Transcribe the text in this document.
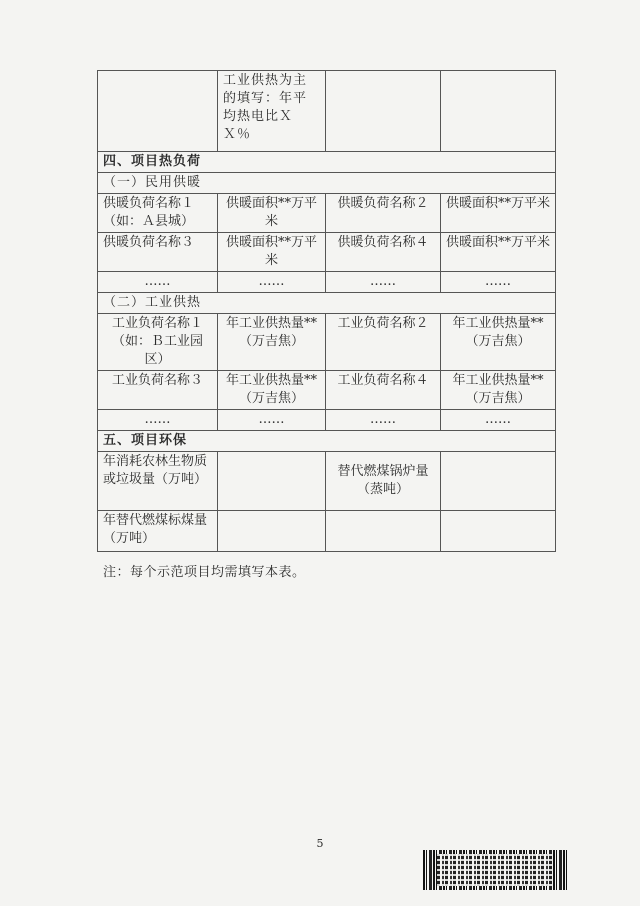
	工业供热为主的填写：年平均热电比ＸＸ％		
四、项目热负荷			
（一）民用供暖			
供暖负荷名称１（如：Ａ县城）	供暖面积**万平米	供暖负荷名称２	供暖面积**万平米
供暖负荷名称３	供暖面积**万平米	供暖负荷名称４	供暖面积**万平米
……	……	……	……
（二）工业供热			
工业负荷名称１（如：Ｂ工业园区）	年工业供热量**（万吉焦）	工业负荷名称２	年工业供热量**（万吉焦）
工业负荷名称３	年工业供热量**（万吉焦）	工业负荷名称４	年工业供热量**（万吉焦）
……	……	……	……
五、项目环保			
年消耗农林生物质或垃圾量（万吨）		替代燃煤锅炉量（蒸吨）	
年替代燃煤标煤量（万吨）			
注：每个示范项目均需填写本表。
5
